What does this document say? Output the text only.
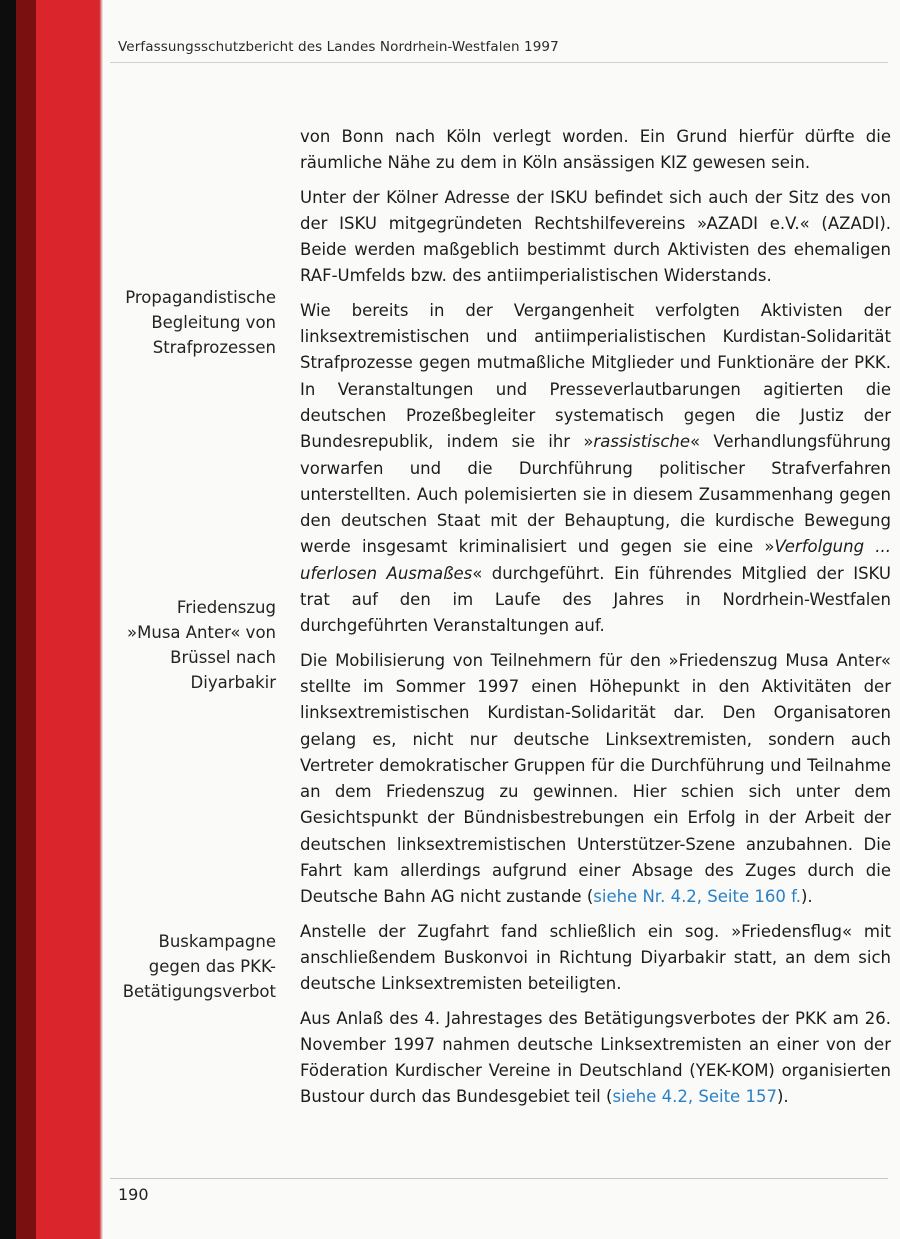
Verfassungsschutzbericht des Landes Nordrhein-Westfalen 1997
Propagandistische
Begleitung von
Strafprozessen
Friedenszug
»Musa Anter« von
Brüssel nach
Diyarbakir
Buskampagne
gegen das PKK-
Betätigungsverbot

von Bonn nach Köln verlegt worden. Ein Grund hierfür dürfte die räumliche Nähe zu dem in Köln ansässigen KIZ gewesen sein.

Unter der Kölner Adresse der ISKU befindet sich auch der Sitz des von der ISKU mitgegründeten Rechtshilfevereins »AZADI e.V.« (AZADI). Beide werden maßgeblich bestimmt durch Aktivisten des ehemaligen RAF-Umfelds bzw. des antiimperialistischen Widerstands.

Wie bereits in der Vergangenheit verfolgten Aktivisten der linksextremistischen und antiimperialistischen Kurdistan-Solidarität Strafprozesse gegen mutmaßliche Mitglieder und Funktionäre der PKK. In Veranstaltungen und Presseverlautbarungen agitierten die deutschen Prozeßbegleiter systematisch gegen die Justiz der Bundesrepublik, indem sie ihr »rassistische« Verhandlungsführung vorwarfen und die Durchführung politischer Strafverfahren unterstellten. Auch polemisierten sie in diesem Zusammenhang gegen den deutschen Staat mit der Behauptung, die kurdische Bewegung werde insgesamt kriminalisiert und gegen sie eine »Verfolgung ... uferlosen Ausmaßes« durchgeführt. Ein führendes Mitglied der ISKU trat auf den im Laufe des Jahres in Nordrhein-Westfalen durchgeführten Veranstaltungen auf.

Die Mobilisierung von Teilnehmern für den »Friedenszug Musa Anter« stellte im Sommer 1997 einen Höhepunkt in den Aktivitäten der linksextremistischen Kurdistan-Solidarität dar. Den Organisatoren gelang es, nicht nur deutsche Linksextremisten, sondern auch Vertreter demokratischer Gruppen für die Durchführung und Teilnahme an dem Friedenszug zu gewinnen. Hier schien sich unter dem Gesichtspunkt der Bündnisbestrebungen ein Erfolg in der Arbeit der deutschen linksextremistischen Unterstützer-Szene anzubahnen. Die Fahrt kam allerdings aufgrund einer Absage des Zuges durch die Deutsche Bahn AG nicht zustande (siehe Nr. 4.2, Seite 160 f.).

Anstelle der Zugfahrt fand schließlich ein sog. »Friedensflug« mit anschließendem Buskonvoi in Richtung Diyarbakir statt, an dem sich deutsche Linksextremisten beteiligten.

Aus Anlaß des 4. Jahrestages des Betätigungsverbotes der PKK am 26. November 1997 nahmen deutsche Linksextremisten an einer von der Föderation Kurdischer Vereine in Deutschland (YEK-KOM) organisierten Bustour durch das Bundesgebiet teil (siehe 4.2, Seite 157).

190
